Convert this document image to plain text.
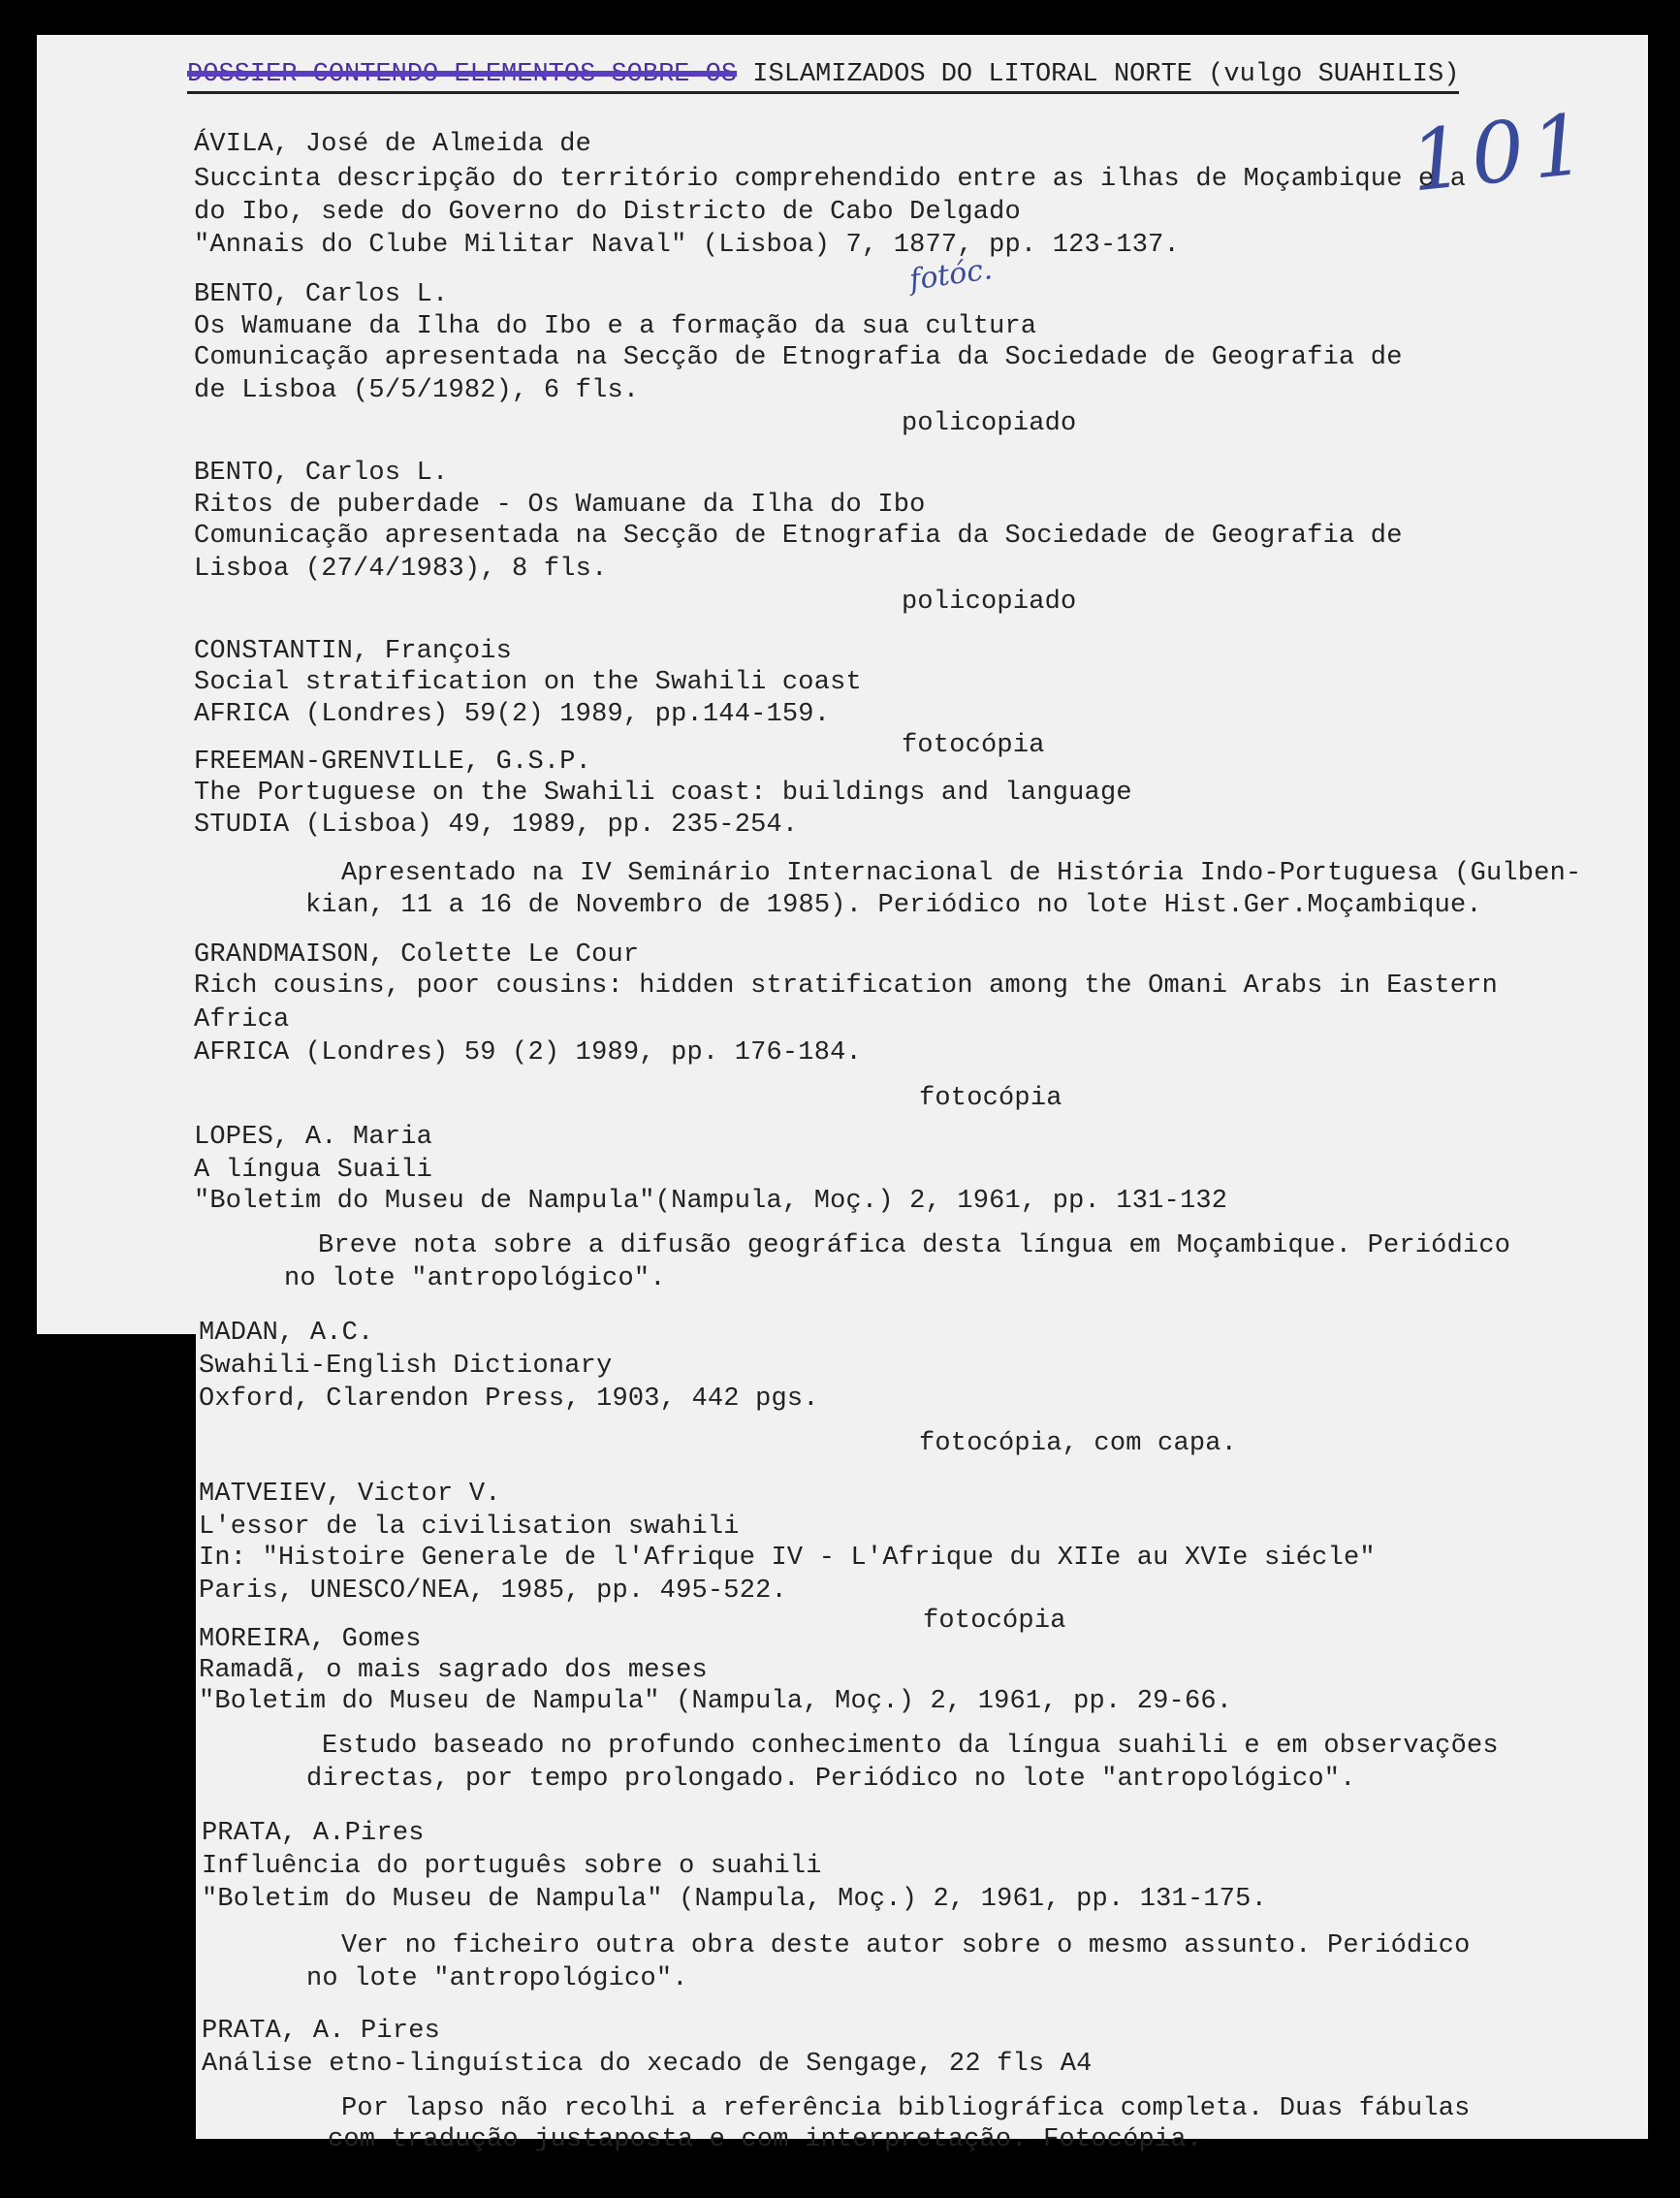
DOSSIER CONTENDO ELEMENTOS SOBRE OS ISLAMIZADOS DO LITORAL NORTE (vulgo SUAHILIS)
101
fotóc.
ÁVILA, José de Almeida de
Succinta descripção do território comprehendido entre as ilhas de Moçambique e a
do Ibo, sede do Governo do Districto de Cabo Delgado
"Annais do Clube Militar Naval" (Lisboa) 7, 1877, pp. 123-137.
BENTO, Carlos L.
Os Wamuane da Ilha do Ibo e a formação da sua cultura
Comunicação apresentada na Secção de Etnografia da Sociedade de Geografia de
de Lisboa (5/5/1982), 6 fls.
policopiado
BENTO, Carlos L.
Ritos de puberdade - Os Wamuane da Ilha do Ibo
Comunicação apresentada na Secção de Etnografia da Sociedade de Geografia de
Lisboa (27/4/1983), 8 fls.
policopiado
CONSTANTIN, François
Social stratification on the Swahili coast
AFRICA (Londres) 59(2) 1989, pp.144-159.
fotocópia
FREEMAN-GRENVILLE, G.S.P.
The Portuguese on the Swahili coast: buildings and language
STUDIA (Lisboa) 49, 1989, pp. 235-254.
Apresentado na IV Seminário Internacional de História Indo-Portuguesa (Gulben-
kian, 11 a 16 de Novembro de 1985). Periódico no lote Hist.Ger.Moçambique.
GRANDMAISON, Colette Le Cour
Rich cousins, poor cousins: hidden stratification among the Omani Arabs in Eastern
Africa
AFRICA (Londres) 59 (2) 1989, pp. 176-184.
fotocópia
LOPES, A. Maria
A língua Suaili
"Boletim do Museu de Nampula"(Nampula, Moç.) 2, 1961, pp. 131-132
Breve nota sobre a difusão geográfica desta língua em Moçambique. Periódico
no lote "antropológico".
MADAN, A.C.
Swahili-English Dictionary
Oxford, Clarendon Press, 1903, 442 pgs.
fotocópia, com capa.
MATVEIEV, Victor V.
L'essor de la civilisation swahili
In: "Histoire Generale de l'Afrique IV - L'Afrique du XIIe au XVIe siécle"
Paris, UNESCO/NEA, 1985, pp. 495-522.
fotocópia
MOREIRA, Gomes
Ramadã, o mais sagrado dos meses
"Boletim do Museu de Nampula" (Nampula, Moç.) 2, 1961, pp. 29-66.
Estudo baseado no profundo conhecimento da língua suahili e em observações
directas, por tempo prolongado. Periódico no lote "antropológico".
PRATA, A.Pires
Influência do português sobre o suahili
"Boletim do Museu de Nampula" (Nampula, Moç.) 2, 1961, pp. 131-175.
Ver no ficheiro outra obra deste autor sobre o mesmo assunto. Periódico
no lote "antropológico".
PRATA, A. Pires
Análise etno-linguística do xecado de Sengage, 22 fls A4
Por lapso não recolhi a referência bibliográfica completa. Duas fábulas
com tradução justaposta e com interpretação. Fotocópia.
